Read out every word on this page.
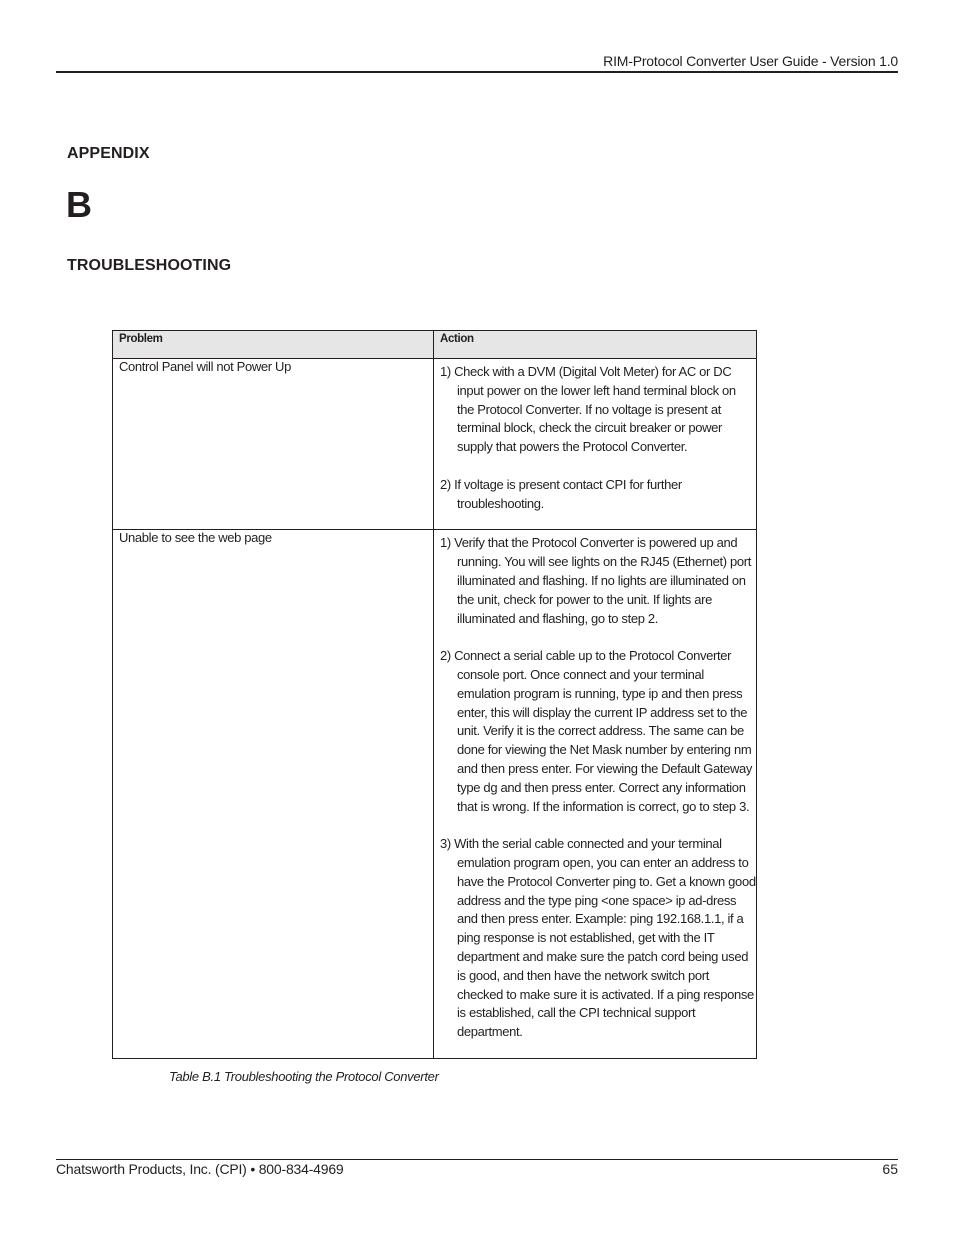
RIM-Protocol Converter User Guide - Version 1.0
APPENDIX
B
TROUBLESHOOTING
Problem	Action
Control Panel will not Power Up	1) Check with a DVM (Digital Volt Meter) for AC or DC input power on the lower left hand terminal block on the Protocol Converter. If no voltage is present at terminal block, check the circuit breaker or power supply that powers the Protocol Converter.
2) If voltage is present contact CPI for further troubleshooting.

Unable to see the web page	1) Verify that the Protocol Converter is powered up and running. You will see lights on the RJ45 (Ethernet) port illuminated and flashing. If no lights are illuminated on the unit, check for power to the unit. If lights are illuminated and flashing, go to step 2.
2) Connect a serial cable up to the Protocol Converter console port. Once connect and your terminal emulation program is running, type ip and then press enter, this will display the current IP address set to the unit. Verify it is the correct address. The same can be done for viewing the Net Mask number by entering nm and then press enter. For viewing the Default Gateway type dg and then press enter. Correct any information that is wrong. If the information is correct, go to step 3.
3) With the serial cable connected and your terminal emulation program open, you can enter an address to have the Protocol Converter ping to. Get a known good address and the type ping <one space> ip ad-dress and then press enter. Example: ping 192.168.1.1, if a ping response is not established, get with the IT department and make sure the patch cord being used is good, and then have the network switch port checked to make sure it is activated. If a ping response is established, call the CPI technical support department.
Table B.1 Troubleshooting the Protocol Converter
Chatsworth Products, Inc. (CPI) • 800-834-4969	65
